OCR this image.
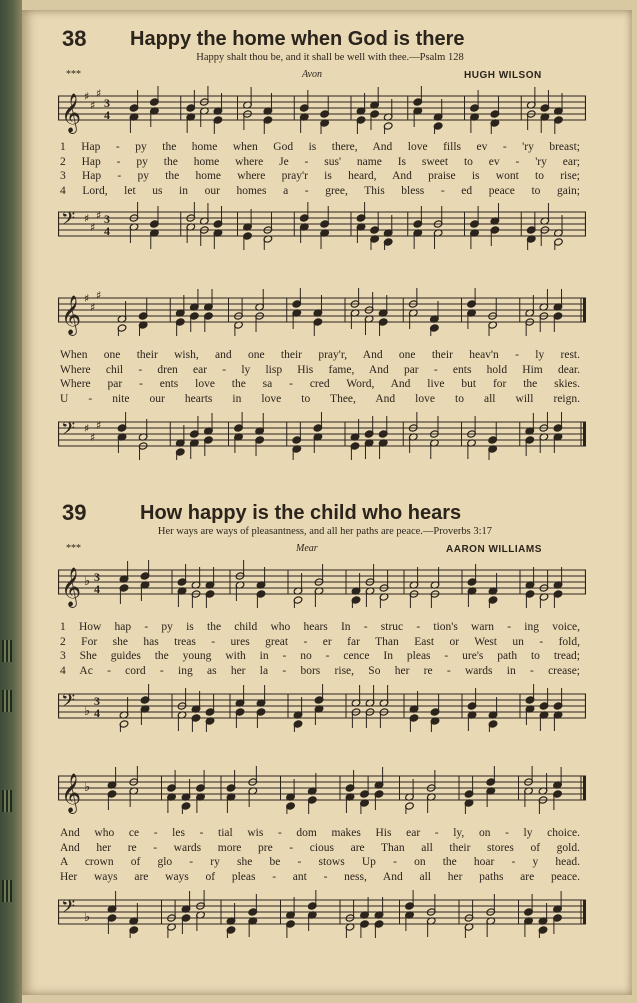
38 Happy the home when God is there
Happy shalt thou be, and it shall be well with thee.—Psalm 128
***	Avon	HUGH WILSON
𝄞 ♯
♯
♯
3
4
1 Hap - py the home when God is there, And love fills ev - 'ry breast;
2 Hap - py the home where Je - sus' name Is sweet to ev - 'ry ear;
3 Hap - py the home where pray'r is heard, And praise is wont to rise;
4 Lord, let us in our homes a - gree, This bless - ed peace to gain;
𝄢 ♯
♯
♯ 3
4
𝄞 ♯
♯
♯
When one their wish, and one their pray'r, And one their heav'n - ly rest.
Where chil - dren ear - ly lisp His fame, And par - ents hold Him dear.
Where par - ents love the sa - cred Word, And live but for the skies.
U - nite our hearts in love to Thee, And love to all will reign.
𝄢 ♯
♯
♯
39	How happy is the child who hears
Her ways are ways of pleasantness, and all her paths are peace.—Proverbs 3:17
***	Mear	AARON WILLIAMS
𝄞 ♭ 3
4
1 How hap - py is the child who hears In - struc - tion's warn - ing voice,
2 For she has treas - ures great - er far Than East or West un - fold,
3 She guides the young with in - no - cence In pleas - ure's path to tread;
4 Ac - cord - ing as her la - bors rise, So her re - wards in - crease;
𝄢 ♭
3
4
𝄞 ♭
And who ce - les - tial wis - dom makes His ear - ly, on - ly choice.
And her re - wards more pre - cious are Than all their stores of gold.
A crown of glo - ry she be - stows Up - on the hoar - y head.
Her ways are ways of pleas - ant - ness, And all her paths are peace.
𝄢 ♭
